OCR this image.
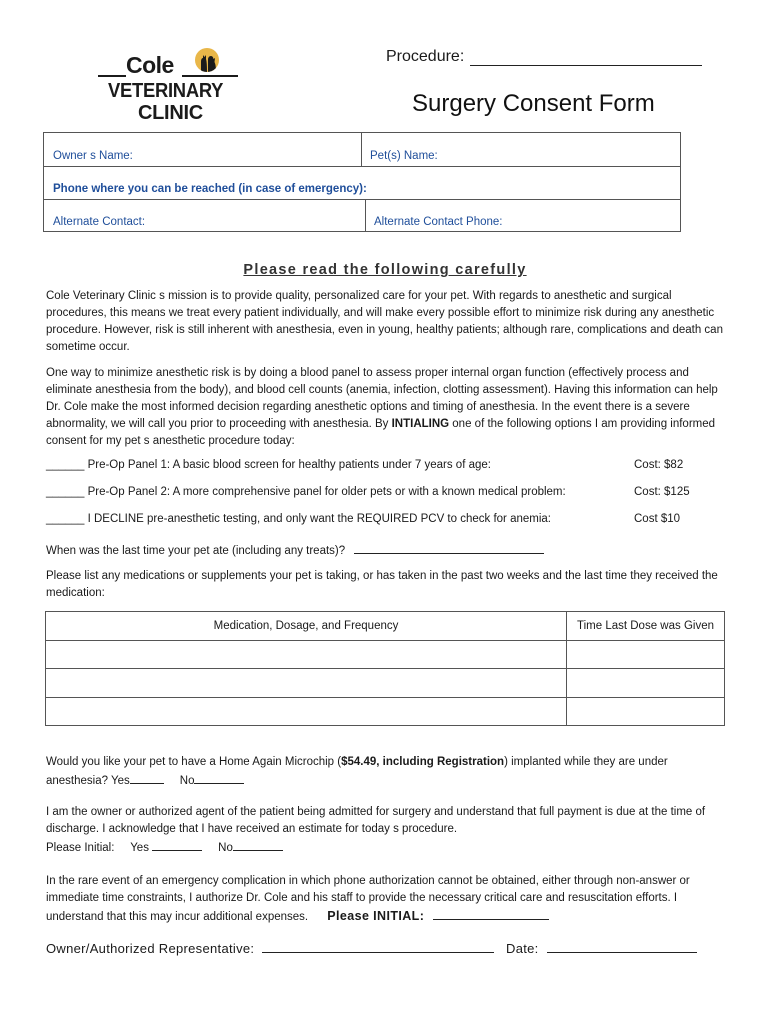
Cole
VETERINARY
CLINIC
Procedure:
Surgery Consent Form
Owner s Name:	Pet(s) Name:
Phone where you can be reached (in case of emergency):
Alternate Contact:	Alternate Contact Phone:
Please read the following carefully
Cole Veterinary Clinic s mission is to provide quality, personalized care for your pet. With regards to anesthetic and surgical procedures, this means we treat every patient individually, and will make every possible effort to minimize risk during any anesthetic procedure. However, risk is still inherent with anesthesia, even in young, healthy patients; although rare, complications and death can sometime occur.
One way to minimize anesthetic risk is by doing a blood panel to assess proper internal organ function (effectively process and eliminate anesthesia from the body), and blood cell counts (anemia, infection, clotting assessment). Having this information can help Dr. Cole make the most informed decision regarding anesthetic options and timing of anesthesia. In the event there is a severe abnormality, we will call you prior to proceeding with anesthesia. By INTIALING one of the following options I am providing informed consent for my pet s anesthetic procedure today:
______ Pre-Op Panel 1: A basic blood screen for healthy patients under 7 years of age:	Cost: $82
______ Pre-Op Panel 2: A more comprehensive panel for older pets or with a known medical problem:	Cost: $125
______ I DECLINE pre-anesthetic testing, and only want the REQUIRED PCV to check for anemia:	Cost $10
When was the last time your pet ate (including any treats)?
Please list any medications or supplements your pet is taking, or has taken in the past two weeks and the last time they received the medication:
Medication, Dosage, and Frequency	Time Last Dose was Given

Would you like your pet to have a Home Again Microchip ($54.49, including Registration) implanted while they are under anesthesia? Yes	No
I am the owner or authorized agent of the patient being admitted for surgery and understand that full payment is due at the time of discharge. I acknowledge that I have received an estimate for today s procedure.
Please Initial: Yes	No
In the rare event of an emergency complication in which phone authorization cannot be obtained, either through non-answer or immediate time constraints, I authorize Dr. Cole and his staff to provide the necessary critical care and resuscitation efforts. I understand that this may incur additional expenses. Please INITIAL:
Owner/Authorized Representative:	Date:
